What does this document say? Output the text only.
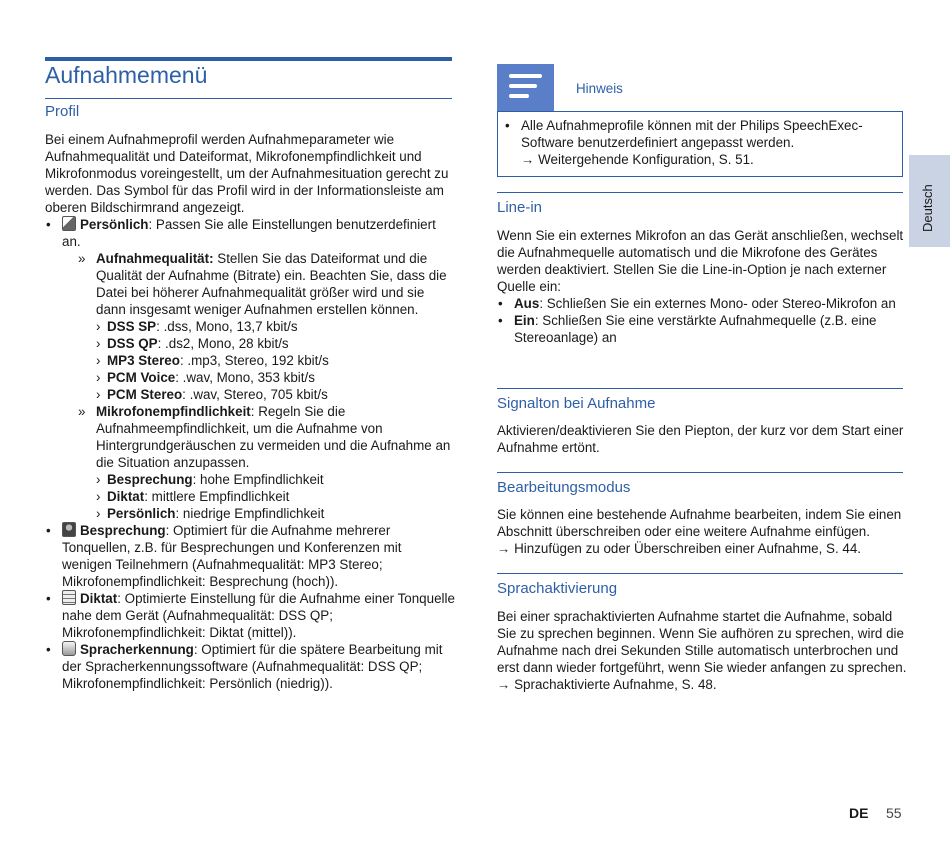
Aufnahmemenü
Profil

Bei einem Aufnahmeprofil werden Aufnahmeparameter wie Aufnahmequalität und Dateiformat, Mikrofonempfindlichkeit und Mikrofonmodus voreingestellt, um der Aufnahmesituation gerecht zu werden. Das Symbol für das Profil wird in der Informationsleiste am oberen Bildschirmrand angezeigt.

• Persönlich: Passen Sie alle Einstellungen benutzerdefiniert an.
» Aufnahmequalität: Stellen Sie das Dateiformat und die Qualität der Aufnahme (Bitrate) ein. Beachten Sie, dass die Datei bei höherer Aufnahmequalität größer wird und sie dann insgesamt weniger Aufnahmen erstellen können.
› DSS SP: .dss, Mono, 13,7 kbit/s
› DSS QP: .ds2, Mono, 28 kbit/s
› MP3 Stereo: .mp3, Stereo, 192 kbit/s
› PCM Voice: .wav, Mono, 353 kbit/s
› PCM Stereo: .wav, Stereo, 705 kbit/s
» Mikrofonempfindlichkeit: Regeln Sie die Aufnahmeempfindlichkeit, um die Aufnahme von Hintergrundgeräuschen zu vermeiden und die Aufnahme an die Situation anzupassen.
› Besprechung: hohe Empfindlichkeit
› Diktat: mittlere Empfindlichkeit
› Persönlich: niedrige Empfindlichkeit
• Besprechung: Optimiert für die Aufnahme mehrerer Tonquellen, z.B. für Besprechungen und Konferenzen mit wenigen Teilnehmern (Aufnahmequalität: MP3 Stereo; Mikrofonempfindlichkeit: Besprechung (hoch)).
• Diktat: Optimierte Einstellung für die Aufnahme einer Tonquelle nahe dem Gerät (Aufnahmequalität: DSS QP; Mikrofonempfindlichkeit: Diktat (mittel)).
• Spracherkennung: Optimiert für die spätere Bearbeitung mit der Spracherkennungssoftware (Aufnahmequalität: DSS QP; Mikrofonempfindlichkeit: Persönlich (niedrig)).
Hinweis
• Alle Aufnahmeprofile können mit der Philips SpeechExec-Software benutzerdefiniert angepasst werden.
→ Weitergehende Konfiguration, S. 51.
Line-in

Wenn Sie ein externes Mikrofon an das Gerät anschließen, wechselt die Aufnahmequelle automatisch und die Mikrofone des Gerätes werden deaktiviert. Stellen Sie die Line-in-Option je nach externer Quelle ein:

• Aus: Schließen Sie ein externes Mono- oder Stereo-Mikrofon an
• Ein: Schließen Sie eine verstärkte Aufnahmequelle (z.B. eine Stereoanlage) an
Signalton bei Aufnahme
Aktivieren/deaktivieren Sie den Piepton, der kurz vor dem Start einer Aufnahme ertönt.
Bearbeitungsmodus

Sie können eine bestehende Aufnahme bearbeiten, indem Sie einen Abschnitt überschreiben oder eine weitere Aufnahme einfügen.

→ Hinzufügen zu oder Überschreiben einer Aufnahme, S. 44.

Sprachaktivierung
Bei einer sprachaktivierten Aufnahme startet die Aufnahme, sobald Sie zu sprechen beginnen. Wenn Sie aufhören zu sprechen, wird die Aufnahme nach drei Sekunden Stille automatisch unterbrochen und erst dann wieder fortgeführt, wenn Sie wieder anfangen zu sprechen. → Sprachaktivierte Aufnahme, S. 48.
Deutsch
DE 55
